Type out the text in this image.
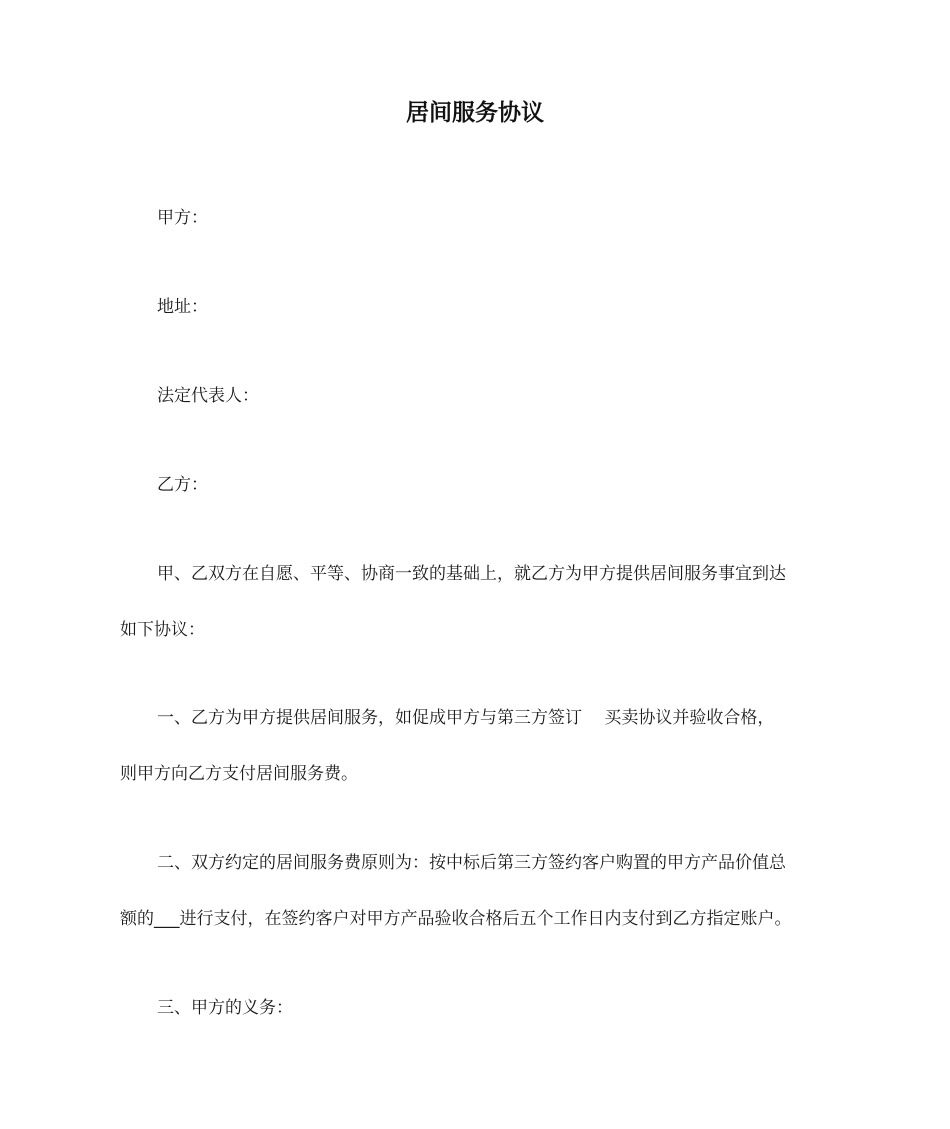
居间服务协议
甲方：
地址：
法定代表人：
乙方：
甲、乙双方在自愿、平等、协商一致的基础上，就乙方为甲方提供居间服务事宜到达
如下协议：
一、乙方为甲方提供居间服务，如促成甲方与第三方签订　 买卖协议并验收合格，
则甲方向乙方支付居间服务费。
二、双方约定的居间服务费原则为：按中标后第三方签约客户购置的甲方产品价值总
额的___进行支付，在签约客户对甲方产品验收合格后五个工作日内支付到乙方指定账户。
三、甲方的义务：
